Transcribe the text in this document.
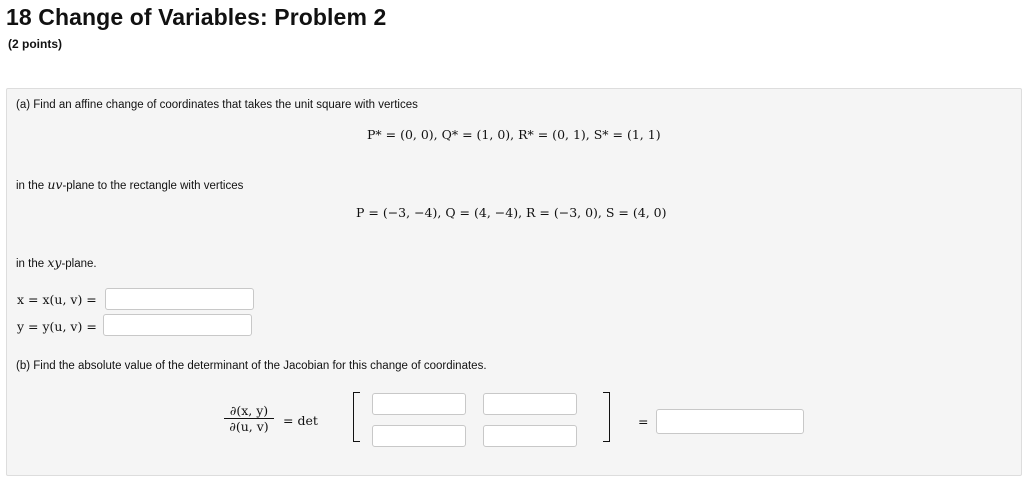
18 Change of Variables: Problem 2
(2 points)
(a) Find an affine change of coordinates that takes the unit square with vertices
P* = (0, 0), Q* = (1, 0), R* = (0, 1), S* = (1, 1)
in the uv-plane to the rectangle with vertices
P = (−3, −4), Q = (4, −4), R = (−3, 0), S = (4, 0)
in the xy-plane.
x = x(u, v) =
y = y(u, v) =
(b) Find the absolute value of the determinant of the Jacobian for this change of coordinates.
$\frac{\partial(x, y)}{\partial(u, v)} = \det$	=
